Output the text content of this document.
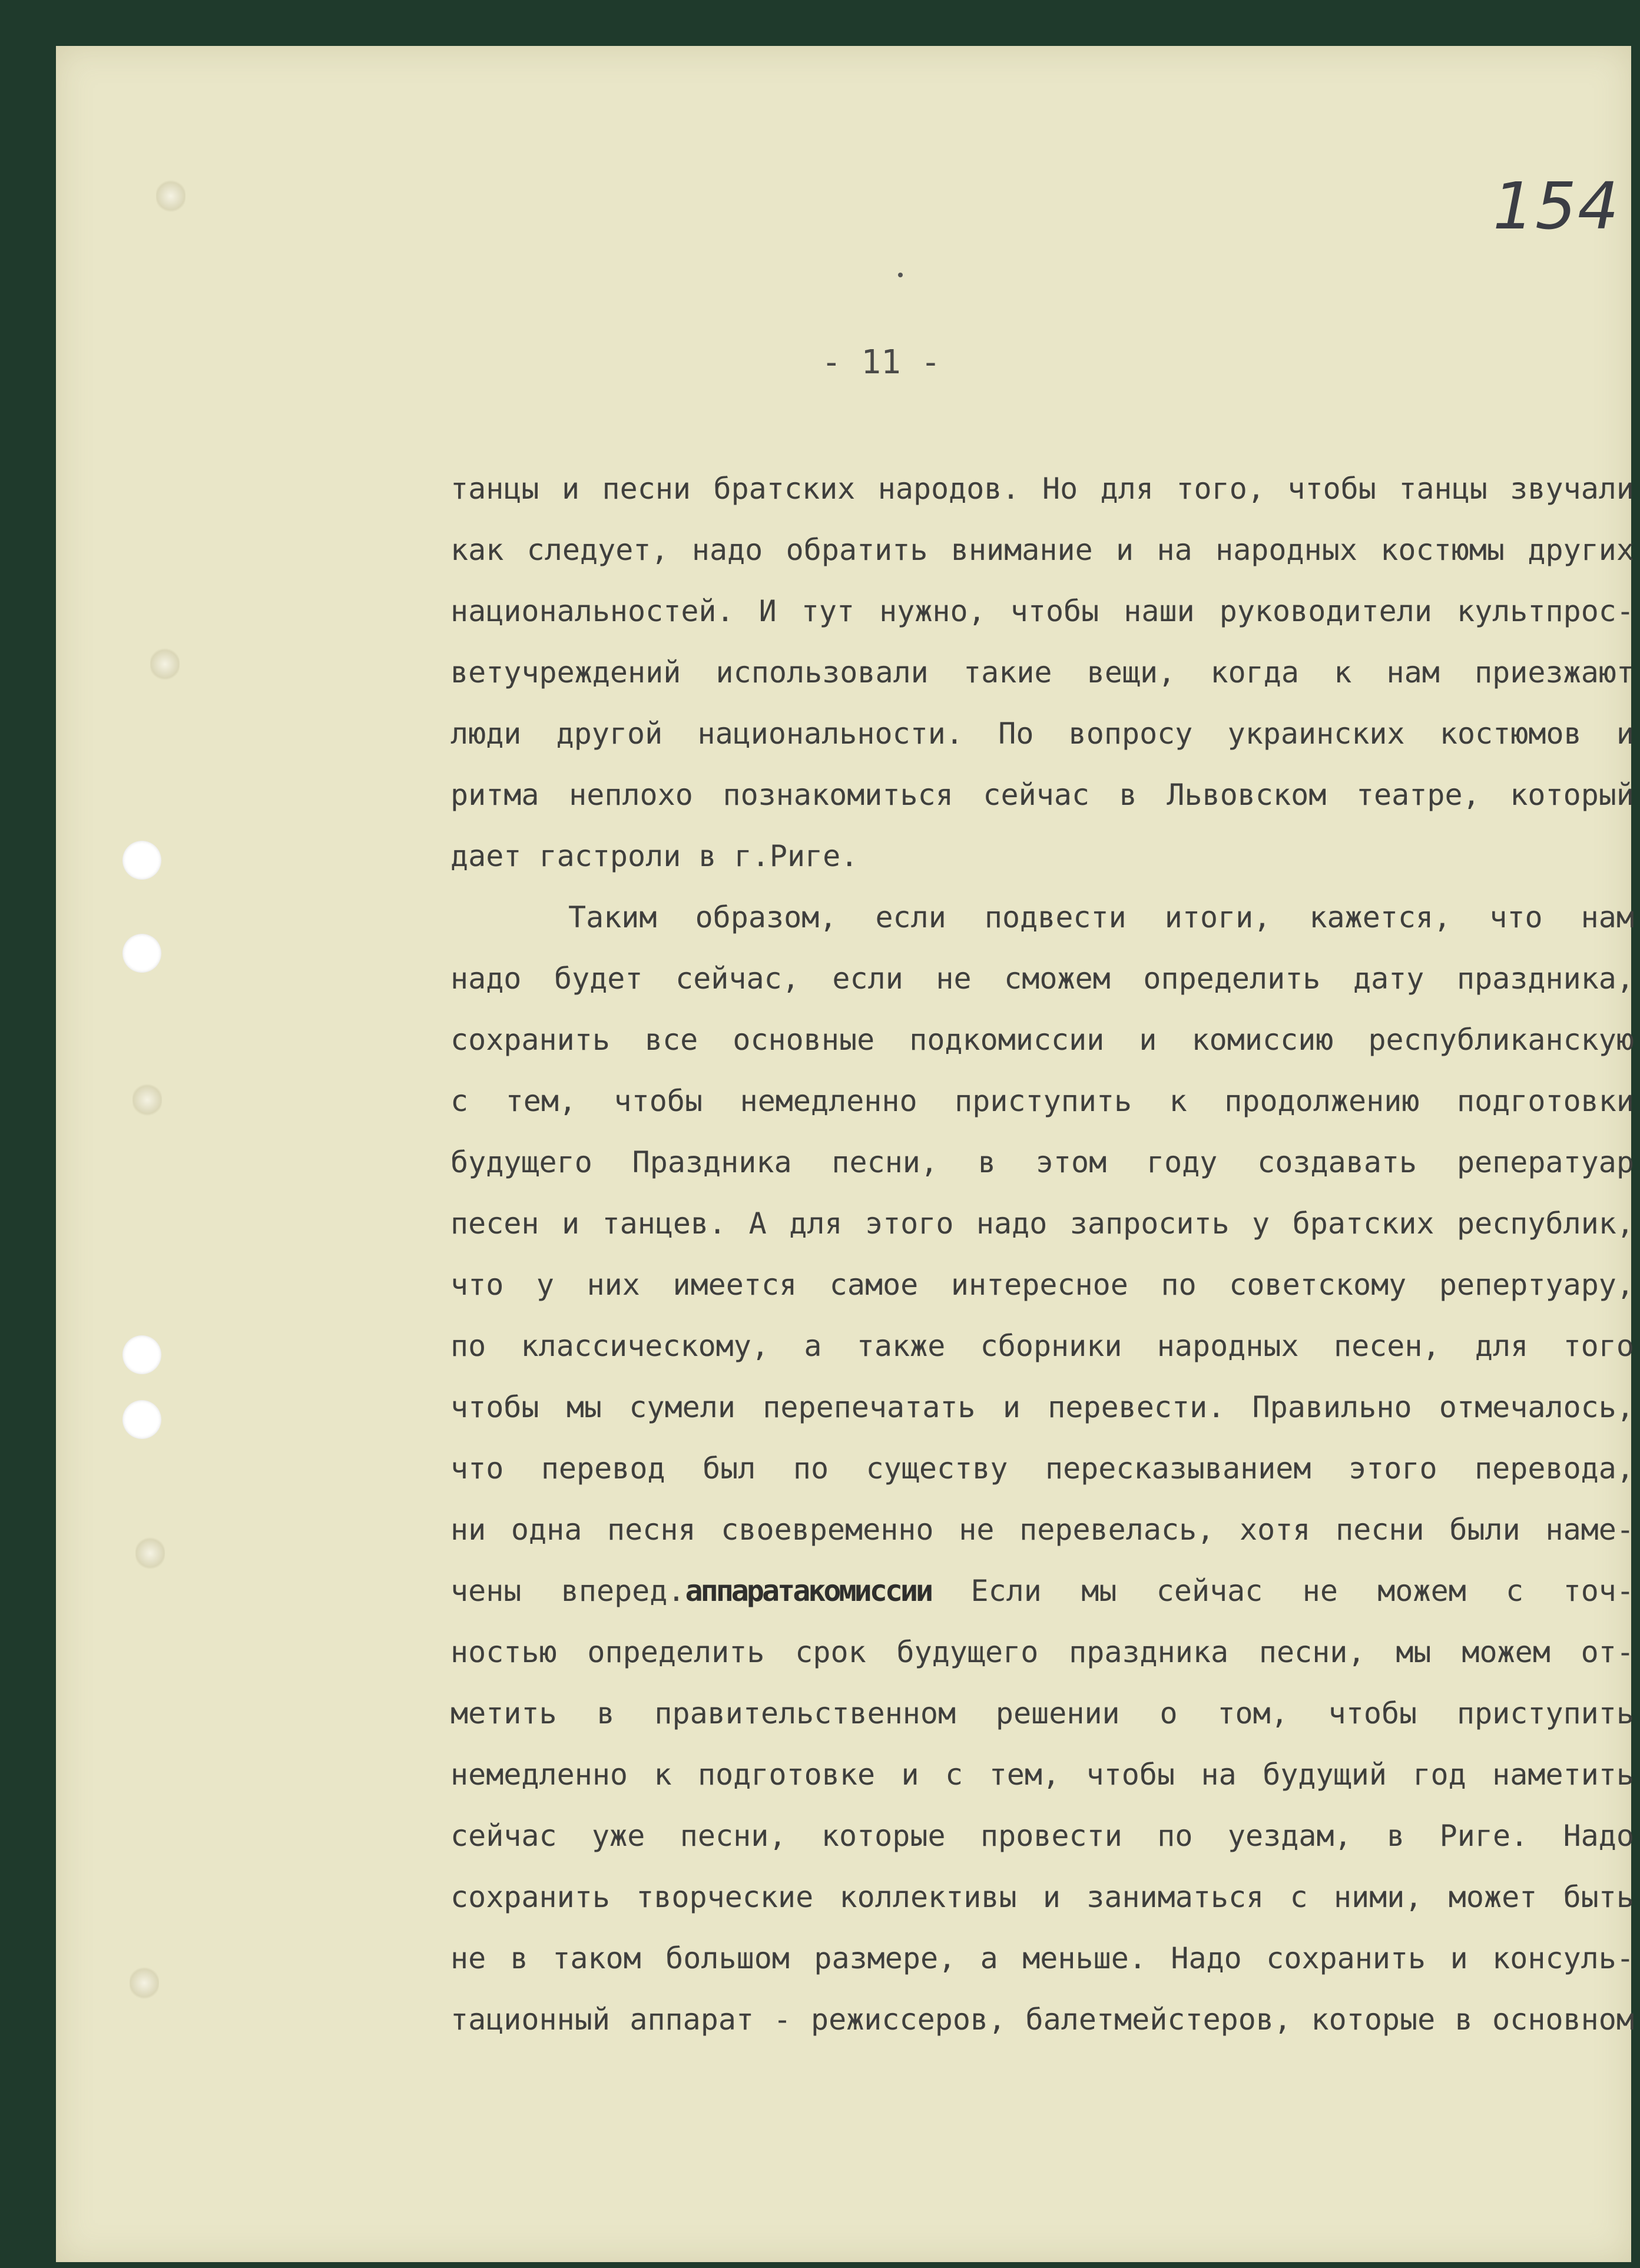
154
- 11 -
танцы и песни братских народов. Но для того, чтобы танцы звучали
как следует, надо обратить внимание и на народных костюмы других
национальностей. И тут нужно, чтобы наши руководители культпрос-
ветучреждений использовали такие вещи, когда к нам приезжают
люди другой национальности. По вопросу украинских костюмов и
ритма неплохо познакомиться сейчас в Львовском театре, который
дает гастроли в г.Риге.
Таким образом, если подвести итоги, кажется, что нам
надо будет сейчас, если не сможем определить дату праздника,
сохранить все основные подкомиссии и комиссию республиканскую
с тем, чтобы немедленно приступить к продолжению подготовки
будущего Праздника песни, в этом году создавать реператуар
песен и танцев. А для этого надо запросить у братских республик,
что у них имеется самое интересное по советскому репертуару,
по классическому, а также сборники народных песен, для того
чтобы мы сумели перепечатать и перевести. Правильно отмечалось,
что перевод был по существу пересказыванием этого перевода,
ни одна песня своевременно не перевелась, хотя песни были наме-
чены вперед.аппаратакомиссии Если мы сейчас не можем с точ-
ностью определить срок будущего праздника песни, мы можем от-
метить в правительственном решении о том, чтобы приступить
немедленно к подготовке и с тем, чтобы на будущий год наметить
сейчас уже песни, которые провести по уездам, в Риге. Надо
сохранить творческие коллективы и заниматься с ними, может быть
не в таком большом размере, а меньше. Надо сохранить и консуль-
тационный аппарат - режиссеров, балетмейстеров, которые в основном
